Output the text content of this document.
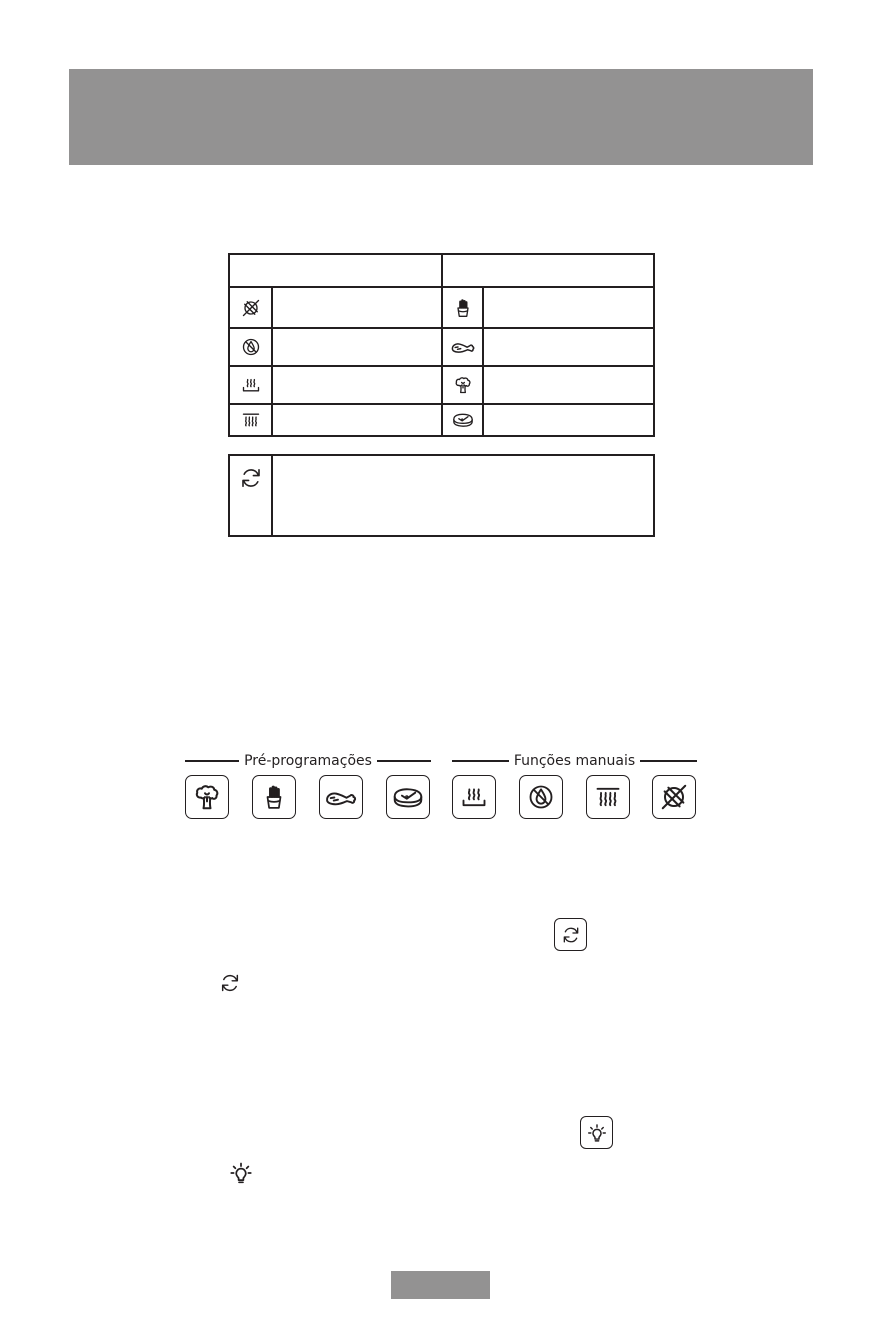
Pré-programações	Funções manuais
